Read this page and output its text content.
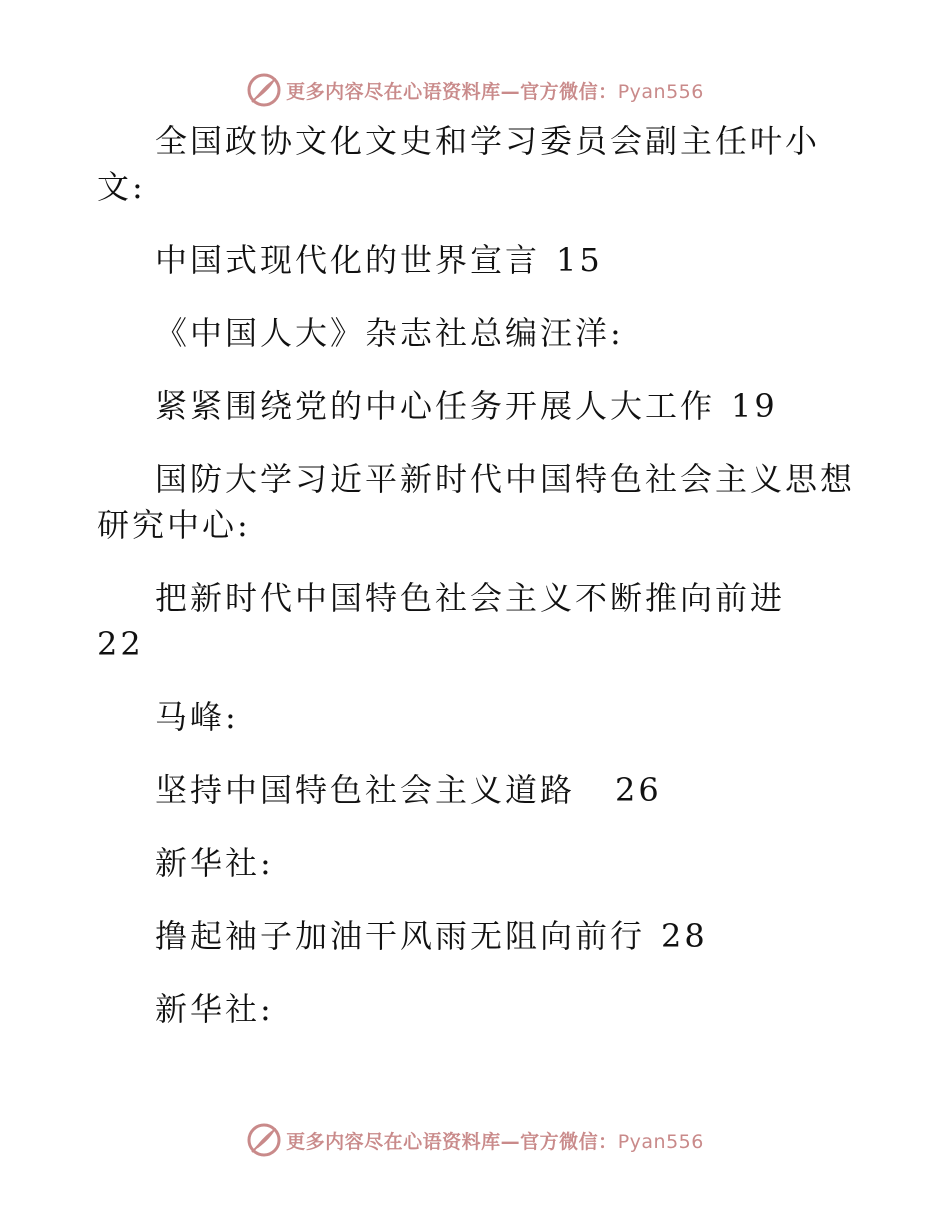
更多内容尽在心语资料库—官方微信：Pyan556

全国政协文化文史和学习委员会副主任叶小文:

中国式现代化的世界宣言 15

《中国人大》杂志社总编汪洋:

紧紧围绕党的中心任务开展人大工作 19

国防大学习近平新时代中国特色社会主义思想研究中心:

把新时代中国特色社会主义不断推向前进
22

马峰:

坚持中国特色社会主义道路 26

新华社:

撸起袖子加油干风雨无阻向前行 28

新华社:

更多内容尽在心语资料库—官方微信：Pyan556
